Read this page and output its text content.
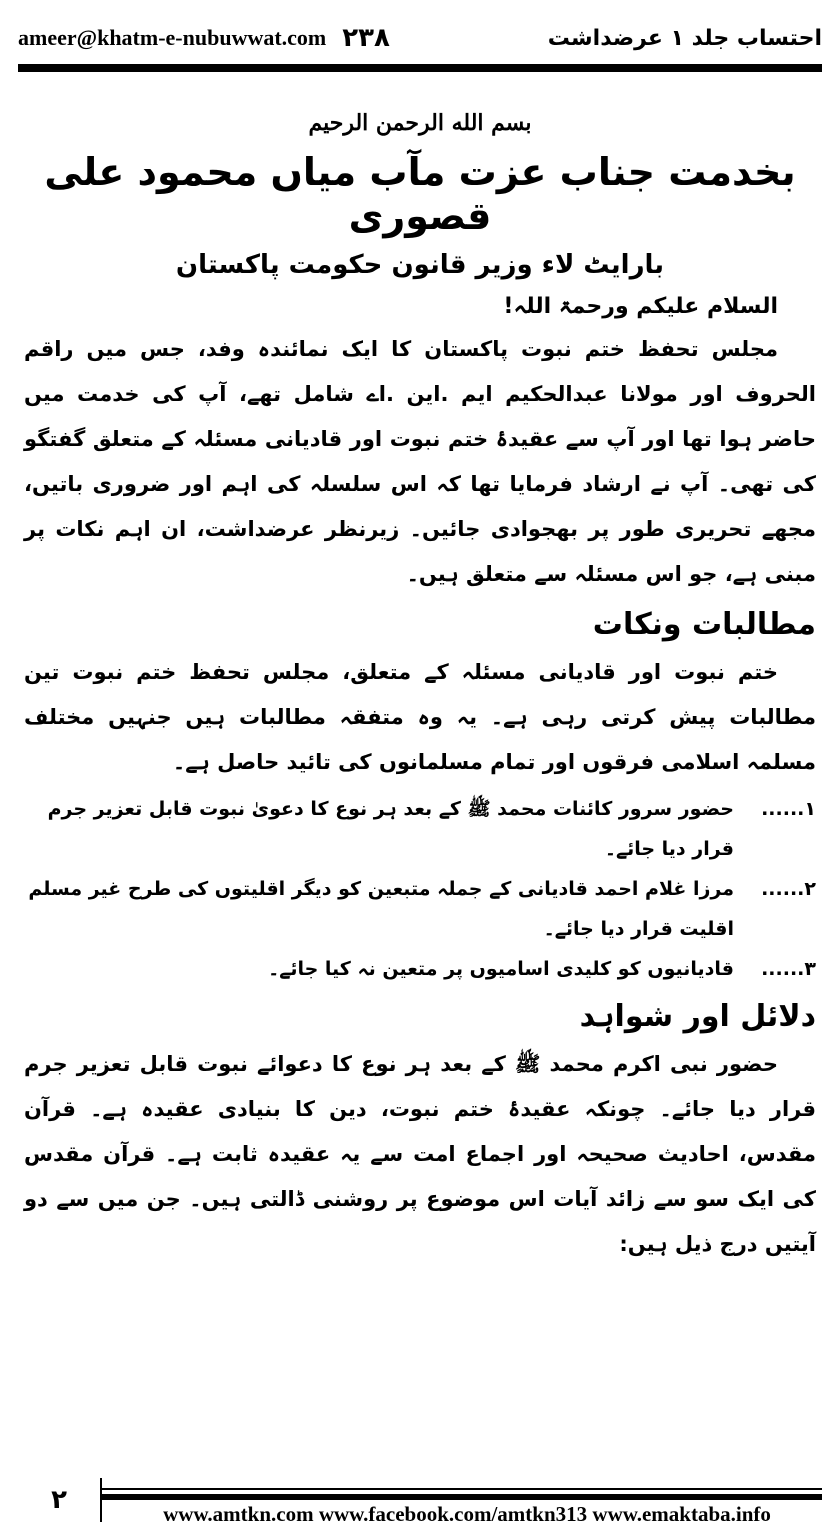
ameer@khatm-e-nubuwwat.com ۲۳۸	احتساب جلد ۱ عرضداشت
بسم الله الرحمن الرحیم
بخدمت جناب عزت مآب میاں محمود علی قصوری
بارایٹ لاء وزیر قانون حکومت پاکستان
السلام علیکم ورحمۃ اللہ!

مجلس تحفظ ختم نبوت پاکستان کا ایک نمائندہ وفد، جس میں راقم الحروف اور مولانا عبدالحکیم ایم .این .اے شامل تھے، آپ کی خدمت میں حاضر ہوا تھا اور آپ سے عقیدۂ ختم نبوت اور قادیانی مسئلہ کے متعلق گفتگو کی تھی۔ آپ نے ارشاد فرمایا تھا کہ اس سلسلہ کی اہم اور ضروری باتیں، مجھے تحریری طور پر بھجوادی جائیں۔ زیرنظر عرضداشت، ان اہم نکات پر مبنی ہے، جو اس مسئلہ سے متعلق ہیں۔

مطالبات ونکات

ختم نبوت اور قادیانی مسئلہ کے متعلق، مجلس تحفظ ختم نبوت تین مطالبات پیش کرتی رہی ہے۔ یہ وہ متفقہ مطالبات ہیں جنہیں مختلف مسلمہ اسلامی فرقوں اور تمام مسلمانوں کی تائید حاصل ہے۔

۱......
حضور سرور کائنات محمد ﷺ کے بعد ہر نوع کا دعویٰ نبوت قابل تعزیر جرم قرار دیا جائے۔
۲......
مرزا غلام احمد قادیانی کے جملہ متبعین کو دیگر اقلیتوں کی طرح غیر مسلم اقلیت قرار دیا جائے۔
۳......
قادیانیوں کو کلیدی اسامیوں پر متعین نہ کیا جائے۔
دلائل اور شواہد

حضور نبی اکرم محمد ﷺ کے بعد ہر نوع کا دعوائے نبوت قابل تعزیر جرم قرار دیا جائے۔ چونکہ عقیدۂ ختم نبوت، دین کا بنیادی عقیدہ ہے۔ قرآن مقدس، احادیث صحیحہ اور اجماع امت سے یہ عقیدہ ثابت ہے۔ قرآن مقدس کی ایک سو سے زائد آیات اس موضوع پر روشنی ڈالتی ہیں۔ جن میں سے دو آیتیں درج ذیل ہیں:

۲	www.amtkn.com www.facebook.com/amtkn313 www.emaktaba.info
